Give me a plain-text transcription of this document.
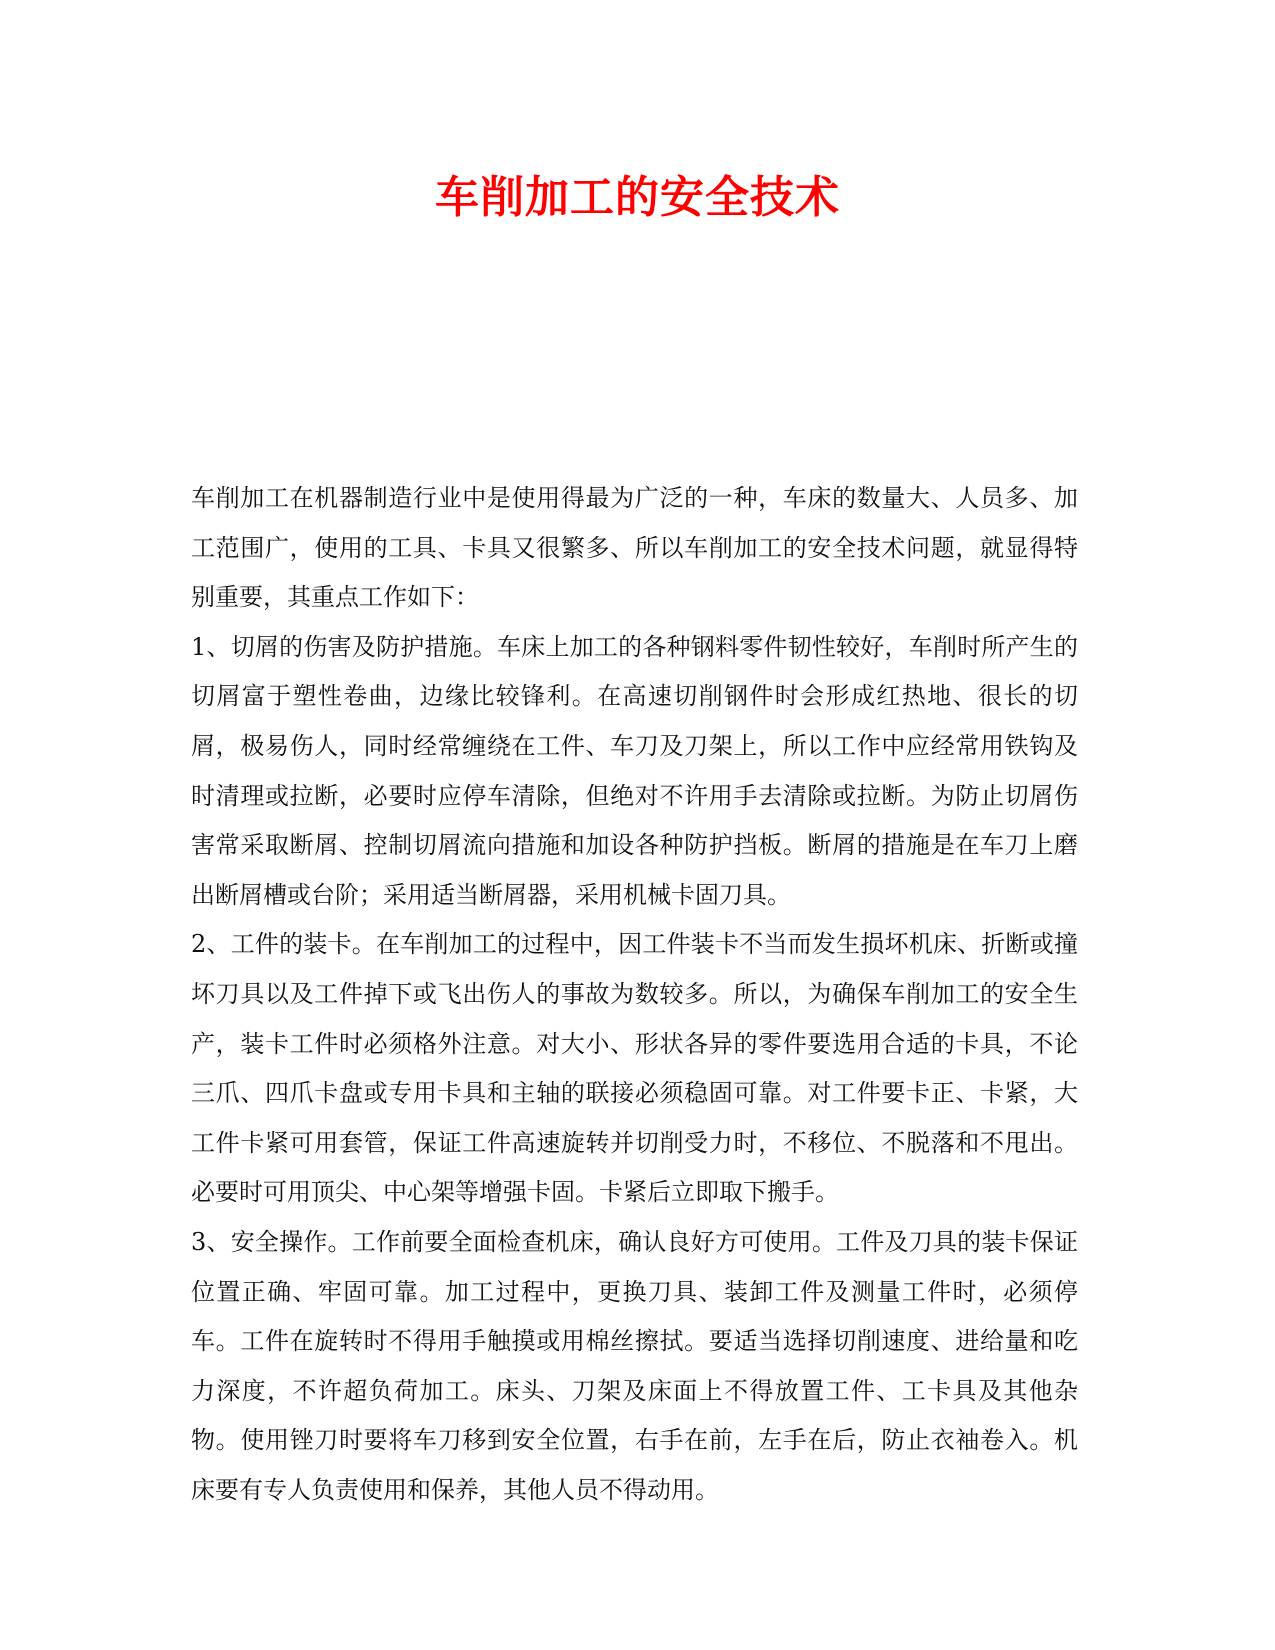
车削加工的安全技术

车削加工在机器制造行业中是使用得最为广泛的一种，车床的数量大、人员多、加工范围广，使用的工具、卡具又很繁多、所以车削加工的安全技术问题，就显得特别重要，其重点工作如下：

1、切屑的伤害及防护措施。车床上加工的各种钢料零件韧性较好，车削时所产生的切屑富于塑性卷曲，边缘比较锋利。在高速切削钢件时会形成红热地、很长的切屑，极易伤人，同时经常缠绕在工件、车刀及刀架上，所以工作中应经常用铁钩及时清理或拉断，必要时应停车清除，但绝对不许用手去清除或拉断。为防止切屑伤害常采取断屑、控制切屑流向措施和加设各种防护挡板。断屑的措施是在车刀上磨出断屑槽或台阶；采用适当断屑器，采用机械卡固刀具。

2、工件的装卡。在车削加工的过程中，因工件装卡不当而发生损坏机床、折断或撞坏刀具以及工件掉下或飞出伤人的事故为数较多。所以，为确保车削加工的安全生产，装卡工件时必须格外注意。对大小、形状各异的零件要选用合适的卡具，不论三爪、四爪卡盘或专用卡具和主轴的联接必须稳固可靠。对工件要卡正、卡紧，大工件卡紧可用套管，保证工件高速旋转并切削受力时，不移位、不脱落和不甩出。必要时可用顶尖、中心架等增强卡固。卡紧后立即取下搬手。

3、安全操作。工作前要全面检查机床，确认良好方可使用。工件及刀具的装卡保证位置正确、牢固可靠。加工过程中，更换刀具、装卸工件及测量工件时，必须停车。工件在旋转时不得用手触摸或用棉丝擦拭。要适当选择切削速度、进给量和吃力深度，不许超负荷加工。床头、刀架及床面上不得放置工件、工卡具及其他杂物。使用锉刀时要将车刀移到安全位置，右手在前，左手在后，防止衣袖卷入。机床要有专人负责使用和保养，其他人员不得动用。
